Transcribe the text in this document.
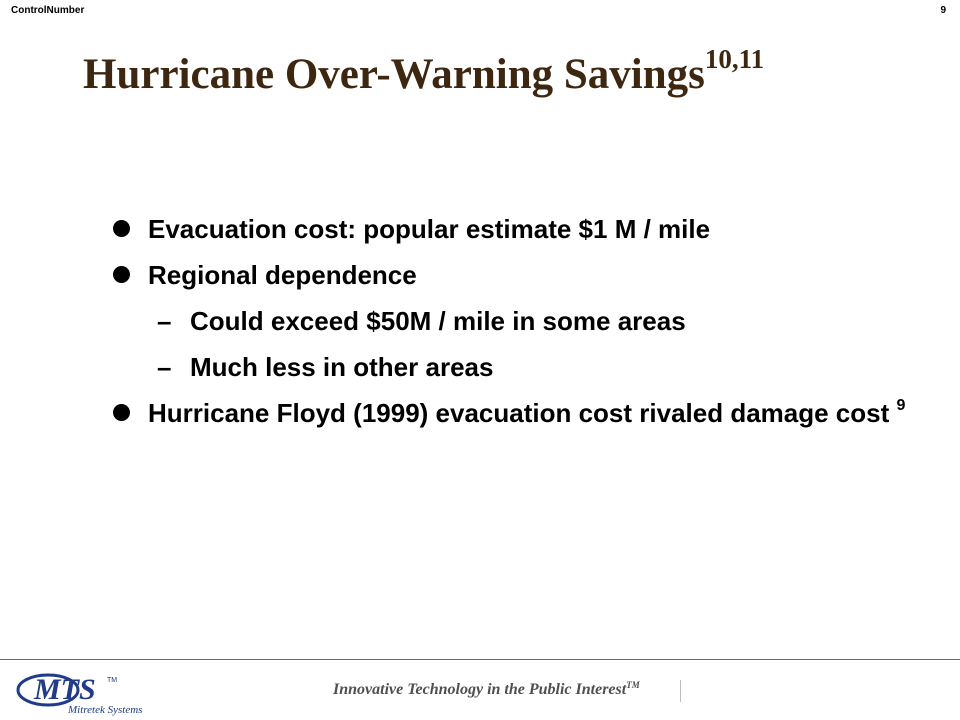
ControlNumber	9
Hurricane Over-Warning Savings$^{10,11}$
Evacuation cost: popular estimate $1 M / mile
Regional dependence
– Could exceed $50M / mile in some areas
– Much less in other areas
Hurricane Floyd (1999) evacuation cost rivaled damage cost $^9$
MTS TM
Mitretek Systems
Innovative Technology in the Public Interest™
